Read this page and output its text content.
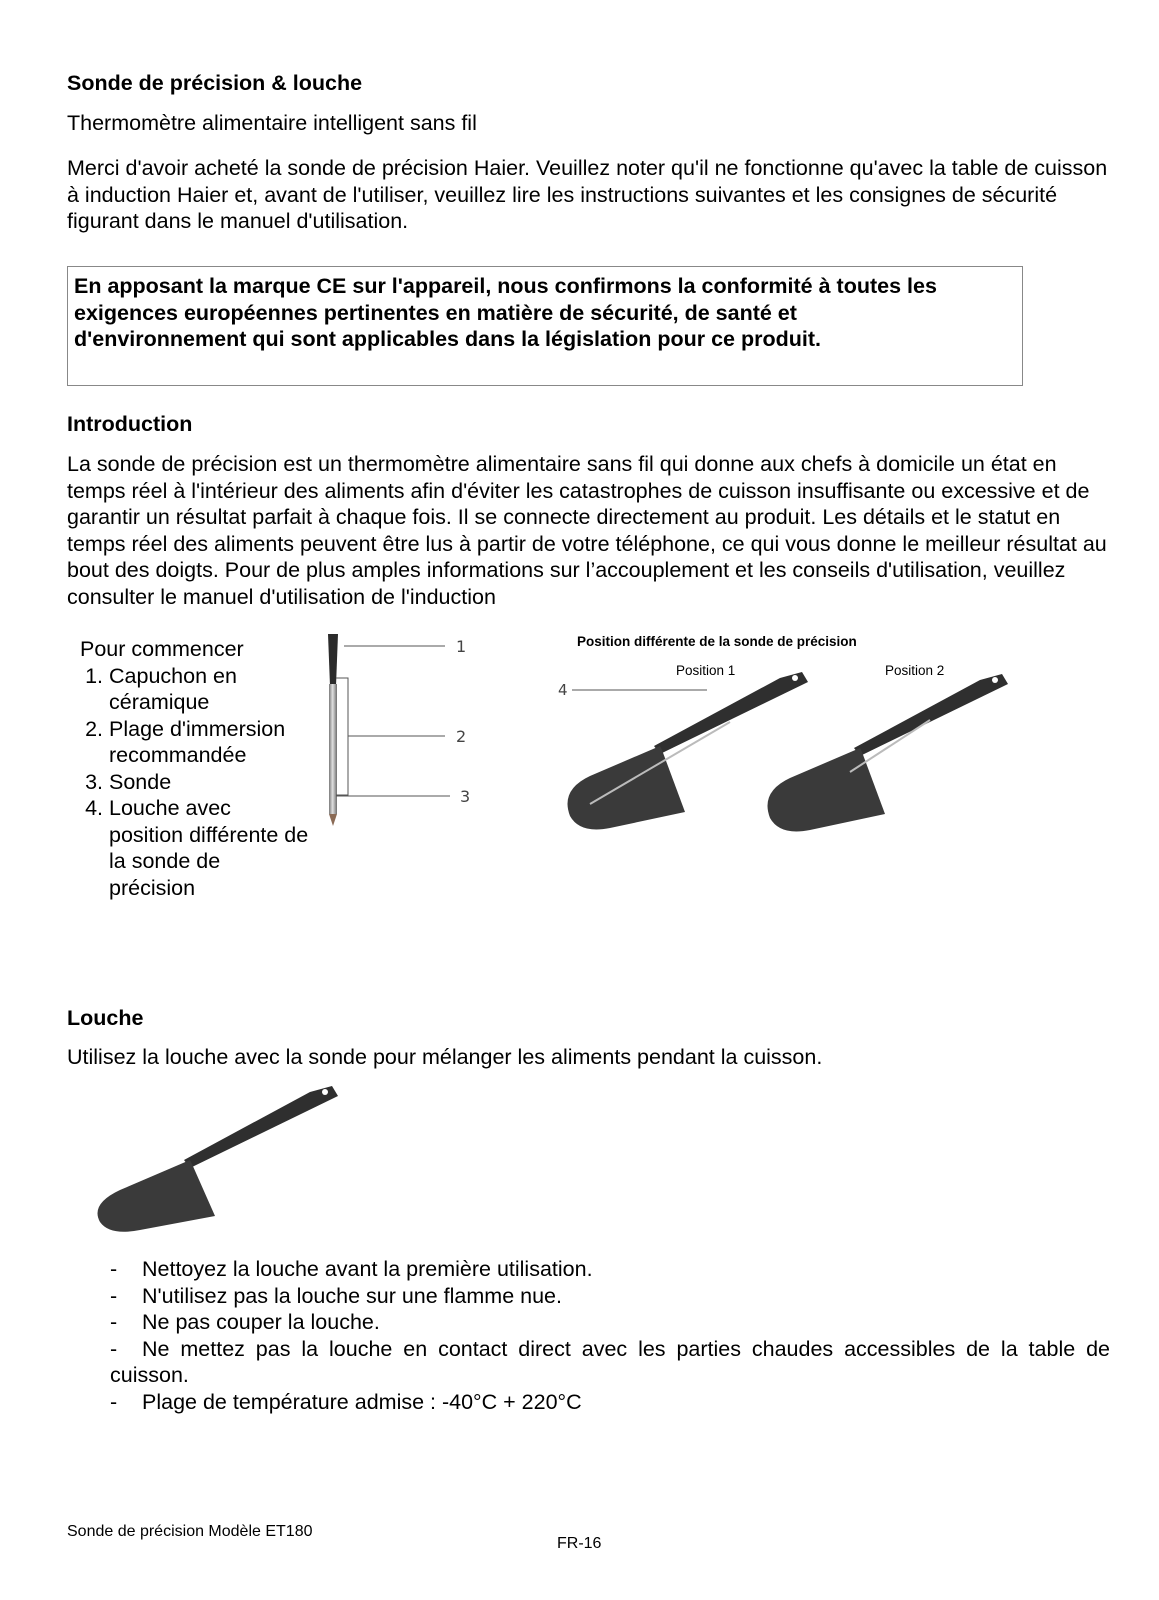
Sonde de précision & louche
Thermomètre alimentaire intelligent sans fil
Merci d'avoir acheté la sonde de précision Haier. Veuillez noter qu'il ne fonctionne qu'avec la table de cuisson à induction Haier et, avant de l'utiliser, veuillez lire les instructions suivantes et les consignes de sécurité figurant dans le manuel d'utilisation.
En apposant la marque CE sur l'appareil, nous confirmons la conformité à toutes les exigences européennes pertinentes en matière de sécurité, de santé et d'environnement qui sont applicables dans la législation pour ce produit.
Introduction
La sonde de précision est un thermomètre alimentaire sans fil qui donne aux chefs à domicile un état en temps réel à l'intérieur des aliments afin d'éviter les catastrophes de cuisson insuffisante ou excessive et de garantir un résultat parfait à chaque fois. Il se connecte directement au produit. Les détails et le statut en temps réel des aliments peuvent être lus à partir de votre téléphone, ce qui vous donne le meilleur résultat au bout des doigts. Pour de plus amples informations sur l’accouplement et les conseils d'utilisation, veuillez consulter le manuel d'utilisation de l'induction
Pour commencer
1. Capuchon en céramique
2. Plage d'immersion recommandée
3. Sonde
4. Louche avec position différente de la sonde de précision
1
2
3
Position différente de la sonde de précision
Position 1	Position 2
4
Louche
Utilisez la louche avec la sonde pour mélanger les aliments pendant la cuisson.
- Nettoyez la louche avant la première utilisation.
- N'utilisez pas la louche sur une flamme nue.
- Ne pas couper la louche.
- Ne mettez pas la louche en contact direct avec les parties chaudes accessibles de la table de cuisson.
- Plage de température admise : -40°C + 220°C
Sonde de précision Modèle ET180
FR-16
